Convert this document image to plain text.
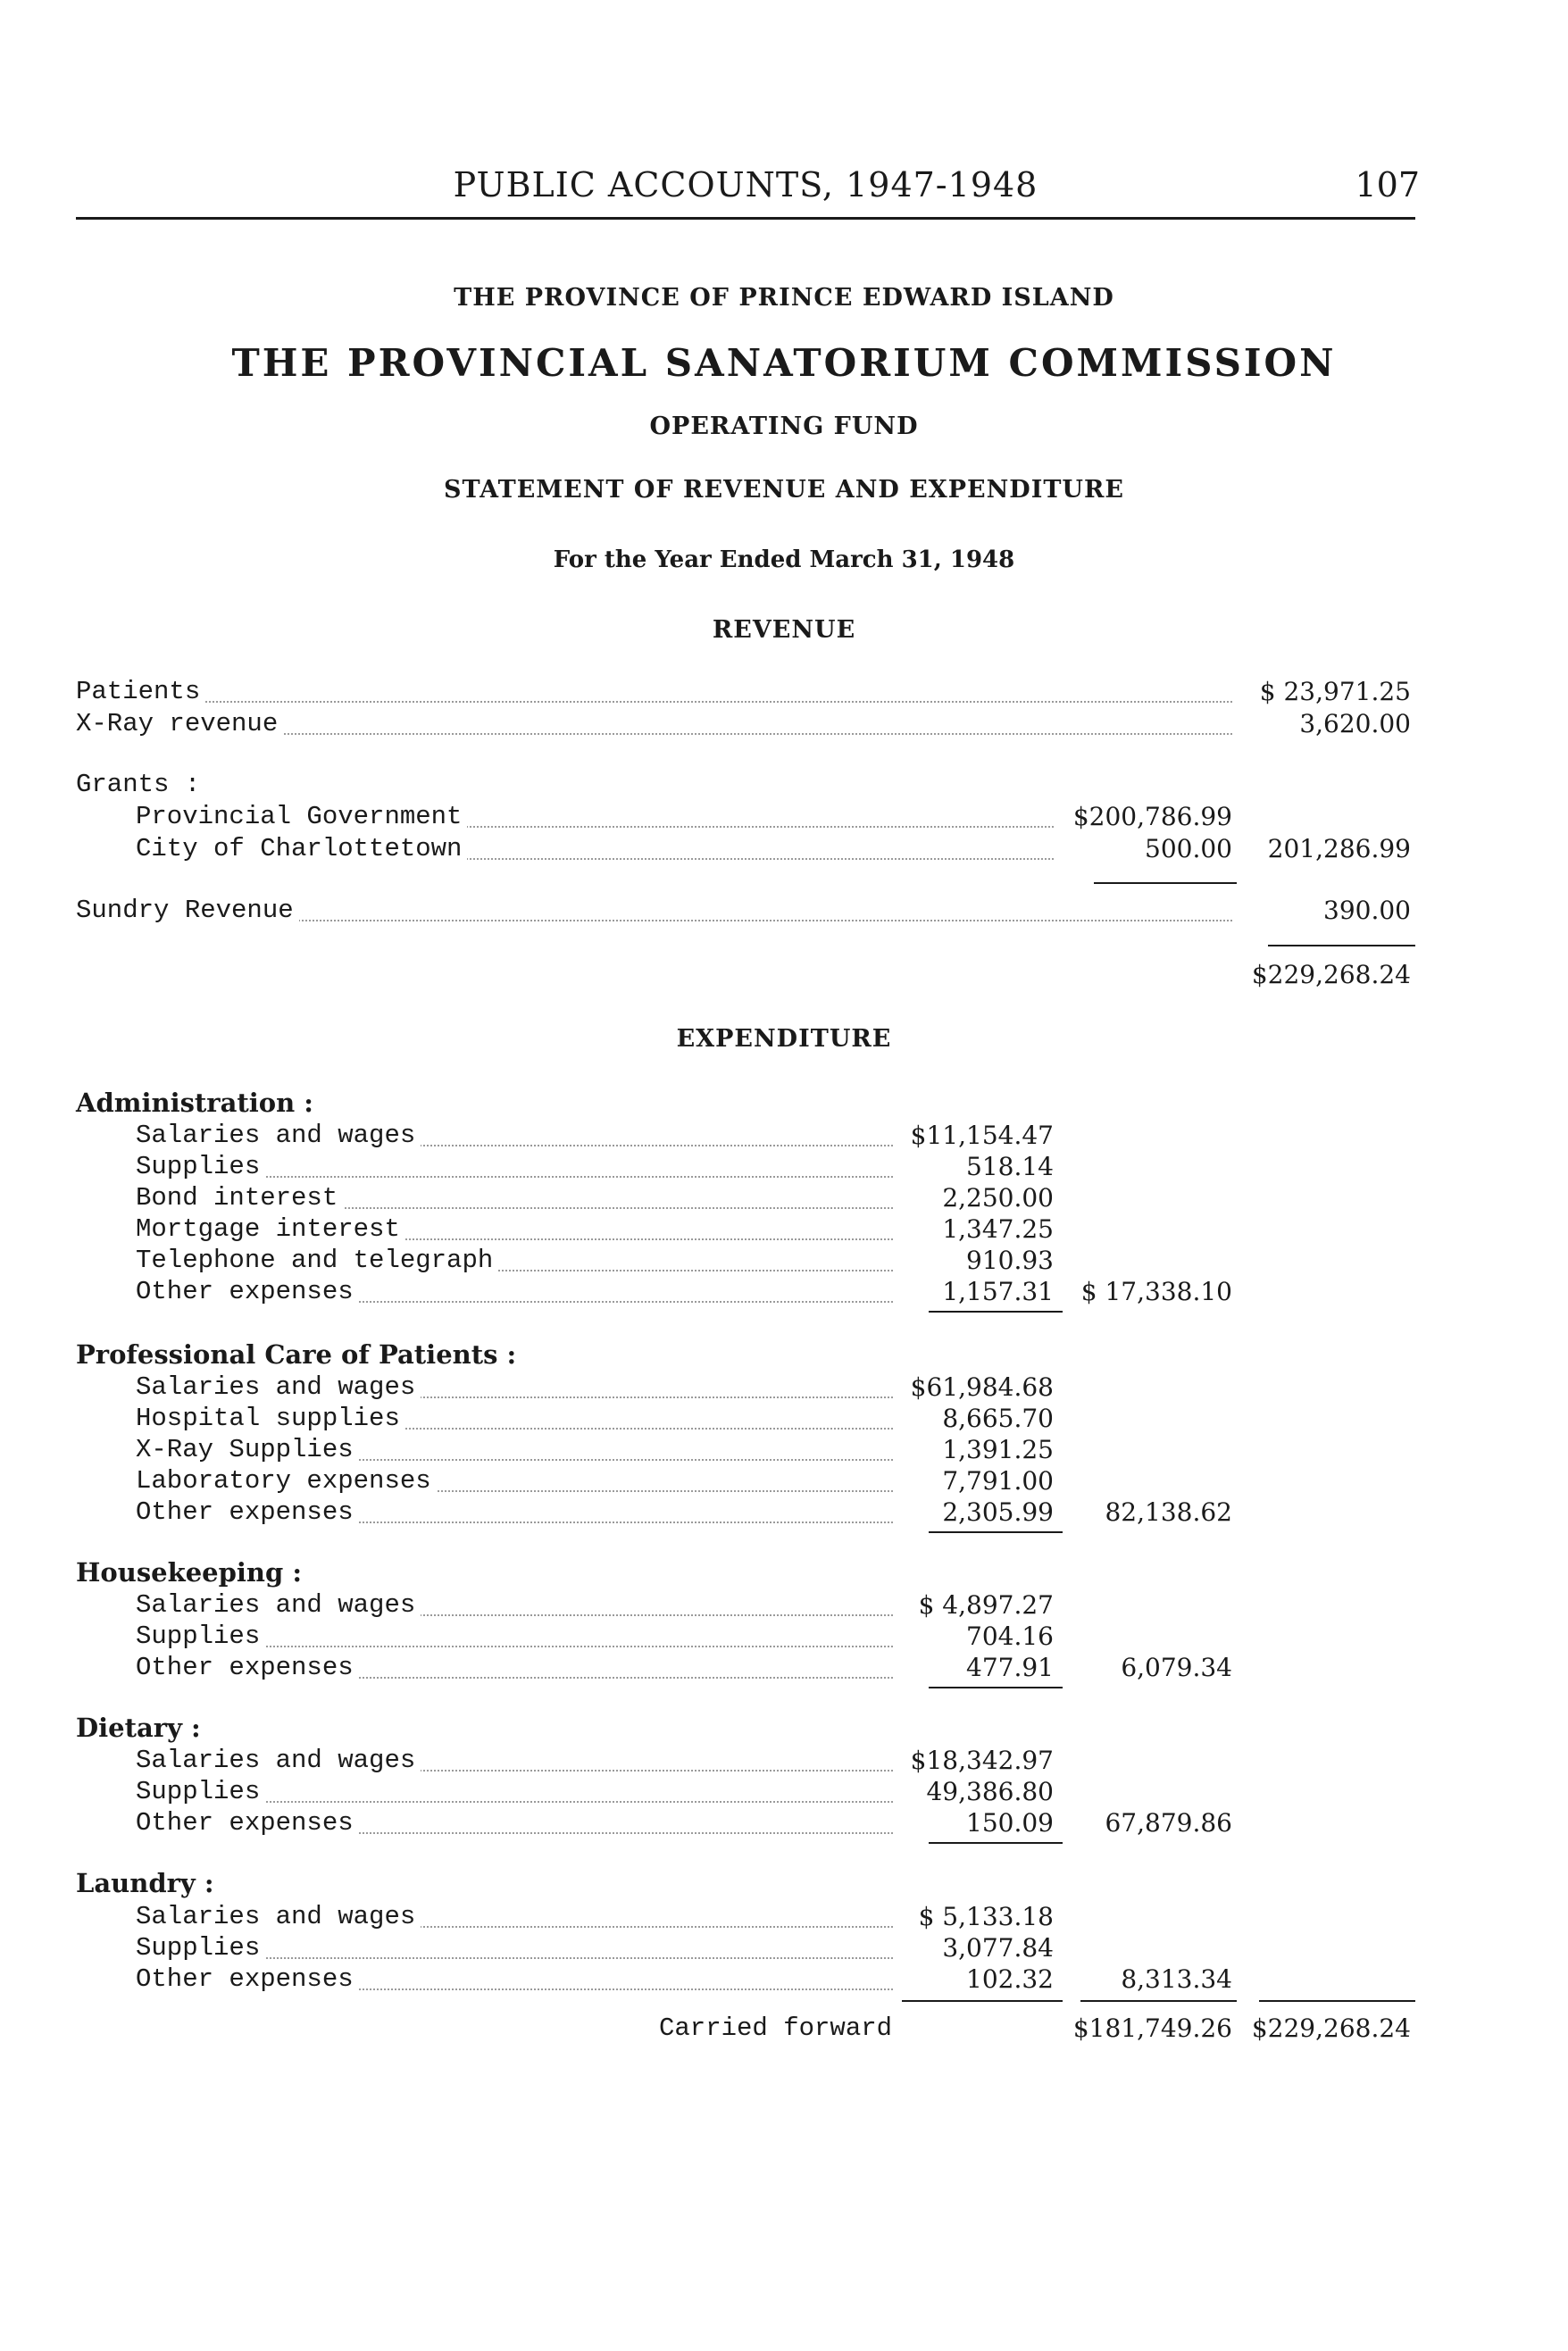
PUBLIC ACCOUNTS, 1947-1948	107
THE PROVINCE OF PRINCE EDWARD ISLAND
THE PROVINCIAL SANATORIUM COMMISSION
OPERATING FUND
STATEMENT OF REVENUE AND EXPENDITURE
For the Year Ended March 31, 1948
REVENUE
Patients	$ 23,971.25
X-Ray revenue	3,620.00
Grants :
Provincial Government	$200,786.99
City of Charlottetown	500.00	201,286.99
Sundry Revenue	390.00
$229,268.24
EXPENDITURE
Administration :
Salaries and wages	$11,154.47
Supplies	518.14
Bond interest	2,250.00
Mortgage interest	1,347.25
Telephone and telegraph	910.93
Other expenses	1,157.31	$ 17,338.10
Professional Care of Patients :
Salaries and wages	$61,984.68
Hospital supplies	8,665.70
X-Ray Supplies	1,391.25
Laboratory expenses	7,791.00
Other expenses	2,305.99	82,138.62
Housekeeping :
Salaries and wages	$ 4,897.27
Supplies	704.16
Other expenses	477.91	6,079.34
Dietary :
Salaries and wages	$18,342.97
Supplies	49,386.80
Other expenses	150.09	67,879.86
Laundry :
Salaries and wages	$ 5,133.18
Supplies	3,077.84
Other expenses	102.32	8,313.34
Carried forward	$181,749.26 $229,268.24
